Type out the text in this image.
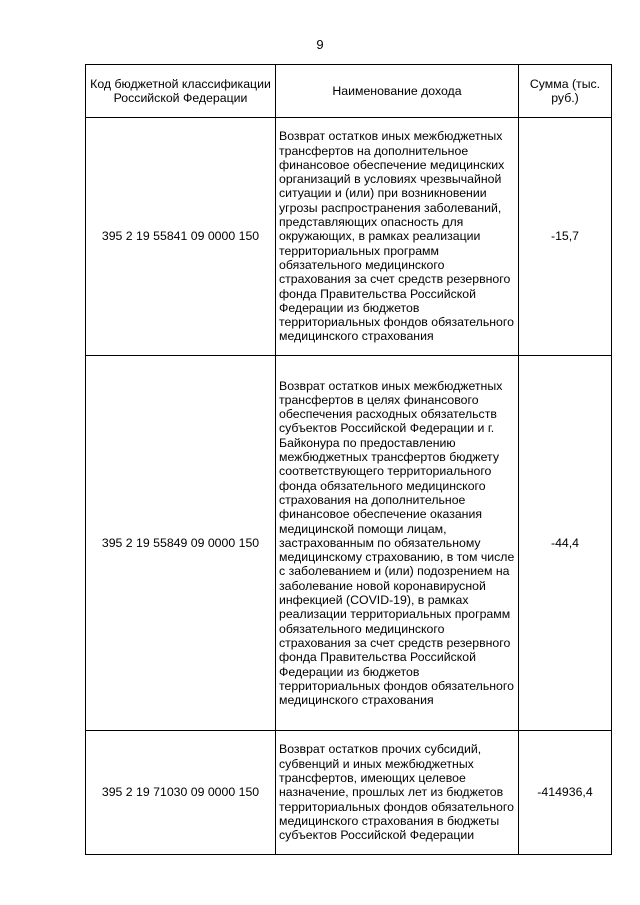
9
Код бюджетной классификации Российской Федерации	Наименование дохода	Сумма (тыс. руб.)
395 2 19 55841 09 0000 150	Возврат остатков иных межбюджетных трансфертов на дополнительное финансовое обеспечение медицинских организаций в условиях чрезвычайной ситуации и (или) при возникновении угрозы распространения заболеваний, представляющих опасность для окружающих, в рамках реализации территориальных программ обязательного медицинского страхования за счет средств резервного фонда Правительства Российской Федерации из бюджетов территориальных фондов обязательного медицинского страхования	-15,7
395 2 19 55849 09 0000 150	Возврат остатков иных межбюджетных трансфертов в целях финансового обеспечения расходных обязательств субъектов Российской Федерации и г. Байконура по предоставлению межбюджетных трансфертов бюджету соответствующего территориального фонда обязательного медицинского страхования на дополнительное финансовое обеспечение оказания медицинской помощи лицам, застрахованным по обязательному медицинскому страхованию, в том числе с заболеванием и (или) подозрением на заболевание новой коронавирусной инфекцией (COVID-19), в рамках реализации территориальных программ обязательного медицинского страхования за счет средств резервного фонда Правительства Российской Федерации из бюджетов территориальных фондов обязательного медицинского страхования	-44,4
395 2 19 71030 09 0000 150	Возврат остатков прочих субсидий, субвенций и иных межбюджетных трансфертов, имеющих целевое назначение, прошлых лет из бюджетов территориальных фондов обязательного медицинского страхования в бюджеты субъектов Российской Федерации	-414936,4
